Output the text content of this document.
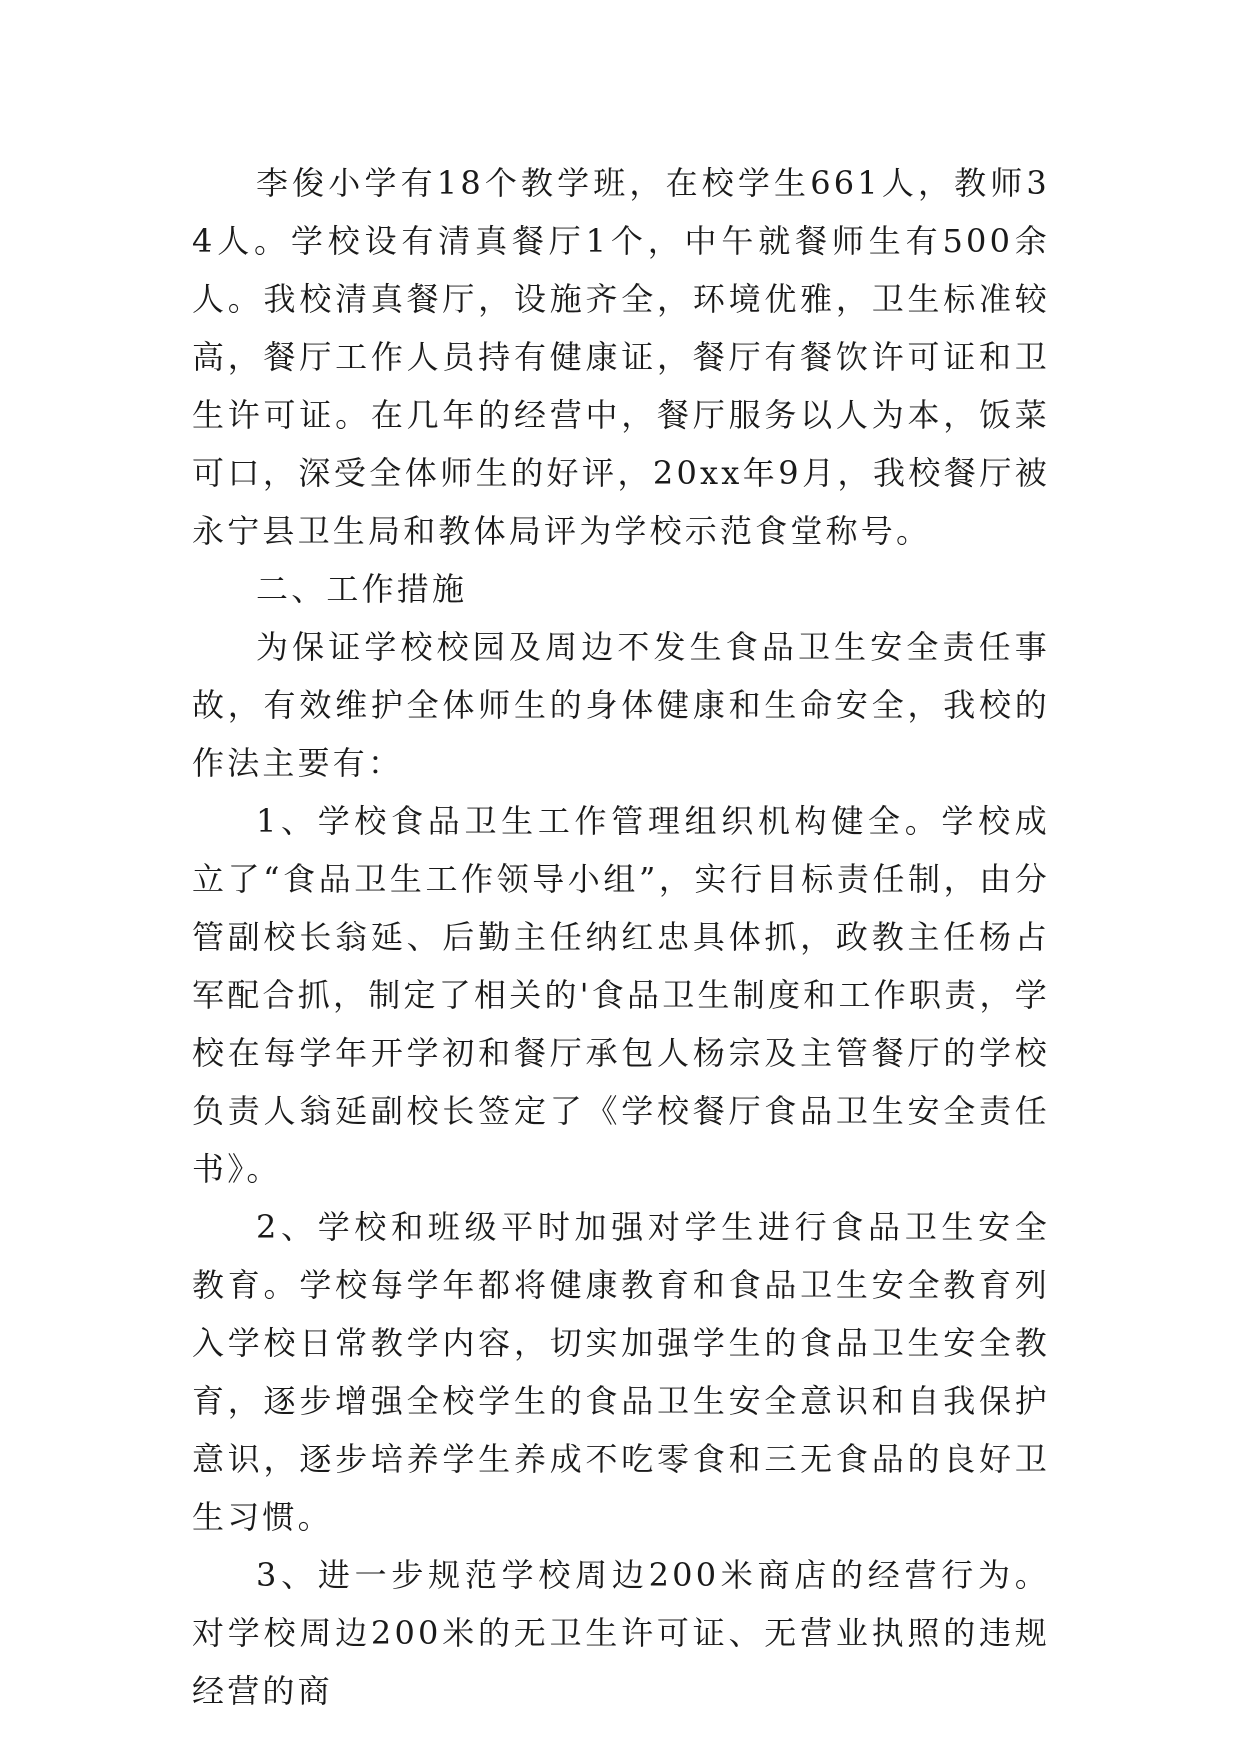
李俊小学有18个教学班，在校学生661人，教师34人。学校设有清真餐厅1个，中午就餐师生有500余人。我校清真餐厅，设施齐全，环境优雅，卫生标准较高，餐厅工作人员持有健康证，餐厅有餐饮许可证和卫生许可证。在几年的经营中，餐厅服务以人为本，饭菜可口，深受全体师生的好评，20xx年9月，我校餐厅被永宁县卫生局和教体局评为学校示范食堂称号。

二、工作措施

为保证学校校园及周边不发生食品卫生安全责任事故，有效维护全体师生的身体健康和生命安全，我校的作法主要有：

1、学校食品卫生工作管理组织机构健全。学校成立了“食品卫生工作领导小组”，实行目标责任制，由分管副校长翁延、后勤主任纳红忠具体抓，政教主任杨占军配合抓，制定了相关的'食品卫生制度和工作职责，学校在每学年开学初和餐厅承包人杨宗及主管餐厅的学校负责人翁延副校长签定了《学校餐厅食品卫生安全责任书》。

2、学校和班级平时加强对学生进行食品卫生安全教育。学校每学年都将健康教育和食品卫生安全教育列入学校日常教学内容，切实加强学生的食品卫生安全教育，逐步增强全校学生的食品卫生安全意识和自我保护意识，逐步培养学生养成不吃零食和三无食品的良好卫生习惯。

3、进一步规范学校周边200米商店的经营行为。对学校周边200米的无卫生许可证、无营业执照的违规经营的商
